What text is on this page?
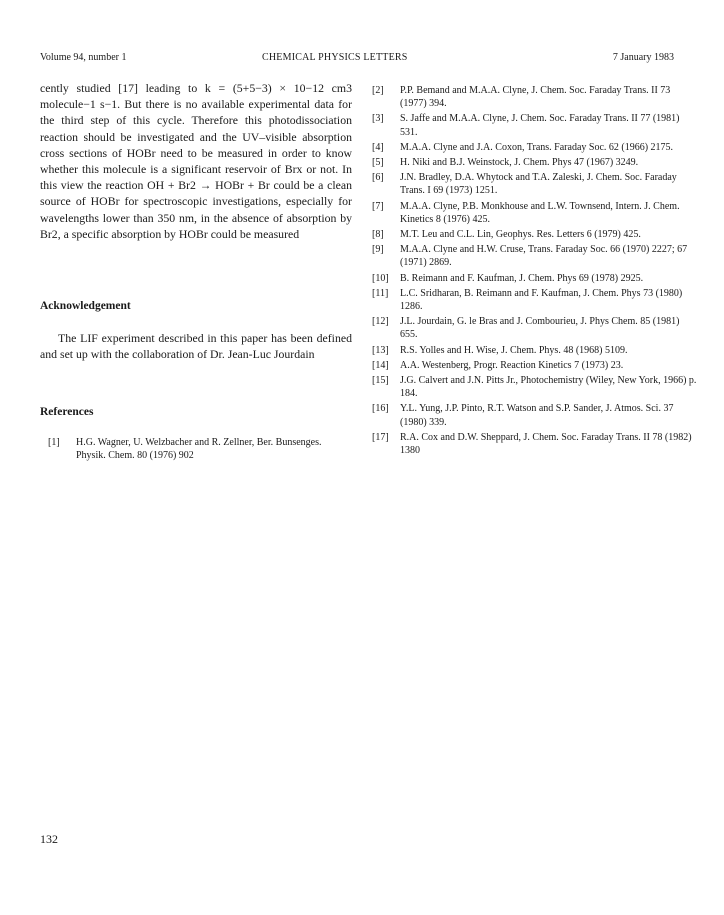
Volume 94, number 1	CHEMICAL PHYSICS LETTERS	7 January 1983

cently studied [17] leading to k = (5+5−3) × 10−12 cm3 molecule−1 s−1. But there is no available experimental data for the third step of this cycle. Therefore this photodissociation reaction should be investigated and the UV–visible absorption cross sections of HOBr need to be measured in order to know whether this molecule is a significant reservoir of Brx or not. In this view the reaction OH + Br2 → HOBr + Br could be a clean source of HOBr for spectroscopic investigations, especially for wavelengths lower than 350 nm, in the absence of absorption by Br2, a specific absorption by HOBr could be measured

Acknowledgement

The LIF experiment described in this paper has been defined and set up with the collaboration of Dr. Jean-Luc Jourdain

References
[1] H.G. Wagner, U. Welzbacher and R. Zellner, Ber. Bunsenges. Physik. Chem. 80 (1976) 902
[2] P.P. Bemand and M.A.A. Clyne, J. Chem. Soc. Faraday Trans. II 73 (1977) 394.
[3] S. Jaffe and M.A.A. Clyne, J. Chem. Soc. Faraday Trans. II 77 (1981) 531.
[4] M.A.A. Clyne and J.A. Coxon, Trans. Faraday Soc. 62 (1966) 2175.
[5] H. Niki and B.J. Weinstock, J. Chem. Phys 47 (1967) 3249.
[6] J.N. Bradley, D.A. Whytock and T.A. Zaleski, J. Chem. Soc. Faraday Trans. I 69 (1973) 1251.
[7] M.A.A. Clyne, P.B. Monkhouse and L.W. Townsend, Intern. J. Chem. Kinetics 8 (1976) 425.
[8] M.T. Leu and C.L. Lin, Geophys. Res. Letters 6 (1979) 425.
[9] M.A.A. Clyne and H.W. Cruse, Trans. Faraday Soc. 66 (1970) 2227; 67 (1971) 2869.
[10] B. Reimann and F. Kaufman, J. Chem. Phys 69 (1978) 2925.
[11] L.C. Sridharan, B. Reimann and F. Kaufman, J. Chem. Phys 73 (1980) 1286.
[12] J.L. Jourdain, G. le Bras and J. Combourieu, J. Phys Chem. 85 (1981) 655.
[13] R.S. Yolles and H. Wise, J. Chem. Phys. 48 (1968) 5109.
[14] A.A. Westenberg, Progr. Reaction Kinetics 7 (1973) 23.
[15] J.G. Calvert and J.N. Pitts Jr., Photochemistry (Wiley, New York, 1966) p. 184.
[16] Y.L. Yung, J.P. Pinto, R.T. Watson and S.P. Sander, J. Atmos. Sci. 37 (1980) 339.
[17] R.A. Cox and D.W. Sheppard, J. Chem. Soc. Faraday Trans. II 78 (1982) 1380
132
